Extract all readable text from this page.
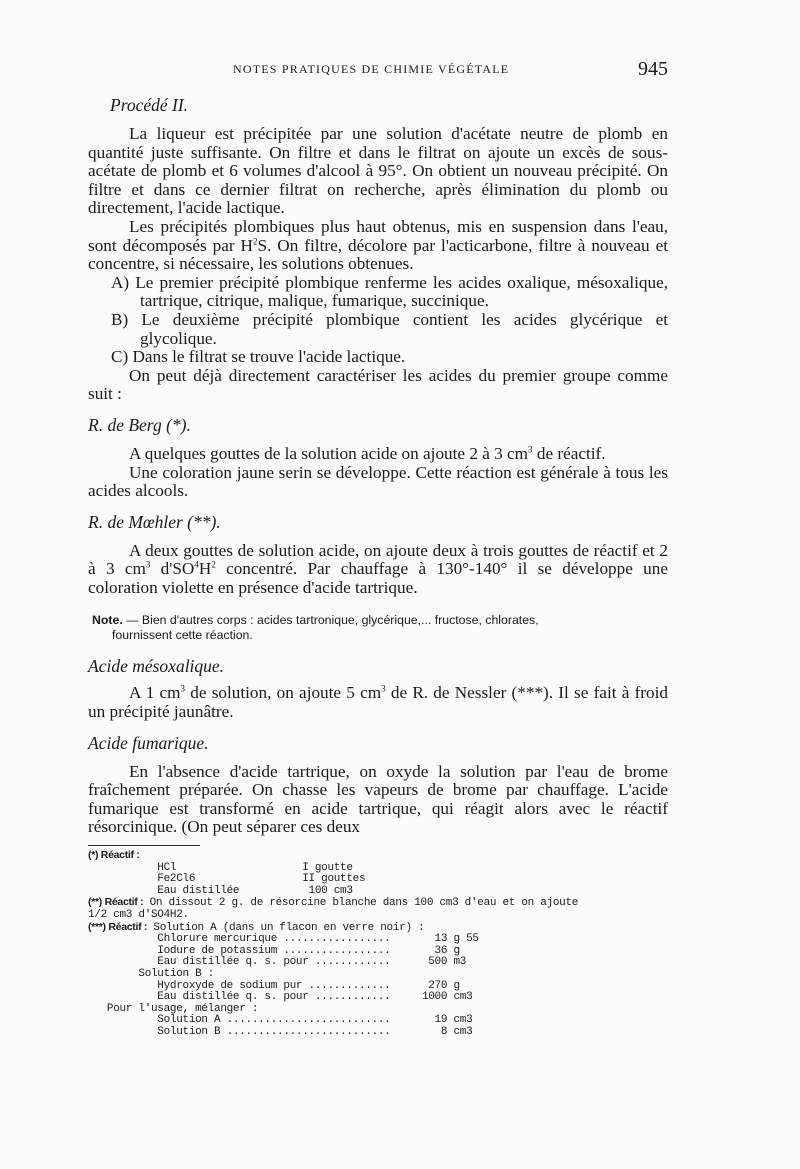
NOTES PRATIQUES DE CHIMIE VÉGÉTALE	945

Procédé II.

La liqueur est précipitée par une solution d'acétate neutre de plomb en quantité juste suffisante. On filtre et dans le filtrat on ajoute un excès de sous-acétate de plomb et 6 volumes d'alcool à 95°. On obtient un nouveau précipité. On filtre et dans ce dernier filtrat on recherche, après élimination du plomb ou directement, l'acide lactique.

Les précipités plombiques plus haut obtenus, mis en suspension dans l'eau, sont décomposés par $H^2S$. On filtre, décolore par l'acticarbone, filtre à nouveau et concentre, si nécessaire, les solutions obtenues.

A) Le premier précipité plombique renferme les acides oxalique, mésoxalique, tartrique, citrique, malique, fumarique, succinique.

B) Le deuxième précipité plombique contient les acides glycérique et glycolique.

C) Dans le filtrat se trouve l'acide lactique.

On peut déjà directement caractériser les acides du premier groupe comme suit :

R. de Berg (*).

A quelques gouttes de la solution acide on ajoute 2 à 3 $cm^3$ de réactif.

Une coloration jaune serin se développe. Cette réaction est générale à tous les acides alcools.

R. de Mœhler (**).

A deux gouttes de solution acide, on ajoute deux à trois gouttes de réactif et 2 à 3 $cm^3$ $d'SO^4H^2$ concentré. Par chauffage à 130°-140° il se développe une coloration violette en présence d'acide tartrique.

Note. — Bien d'autres corps : acides tartronique, glycérique,... fructose, chlorates,
fournissent cette réaction.

Acide mésoxalique.

A 1 $cm^3$ de solution, on ajoute 5 $cm^3$ de R. de Nessler (***). Il se fait à froid un précipité jaunâtre.

Acide fumarique.

En l'absence d'acide tartrique, on oxyde la solution par l'eau de brome fraîchement préparée. On chasse les vapeurs de brome par chauffage. L'acide fumarique est transformé en acide tartrique, qui réagit alors avec le réactif résorcinique. (On peut séparer ces deux

(*) Réactif :

HCl                    I goutte

Fe2Cl6                 II gouttes

Eau distillée           100 cm3

(**) Réactif : On dissout 2 g. de résorcine blanche dans 100 cm3 d'eau et on ajoute

1/2 cm3 d'SO4H2.

(***) Réactif : Solution A (dans un flacon en verre noir) :

Chlorure mercurique .................       13 g 55

Iodure de potassium .................       36 g

Eau distillée q. s. pour ............      500 m3

Solution B :

Hydroxyde de sodium pur .............      270 g

Eau distillée q. s. pour ............     1000 cm3

Pour l'usage, mélanger :

Solution A ..........................       19 cm3

Solution B ..........................        8 cm3
